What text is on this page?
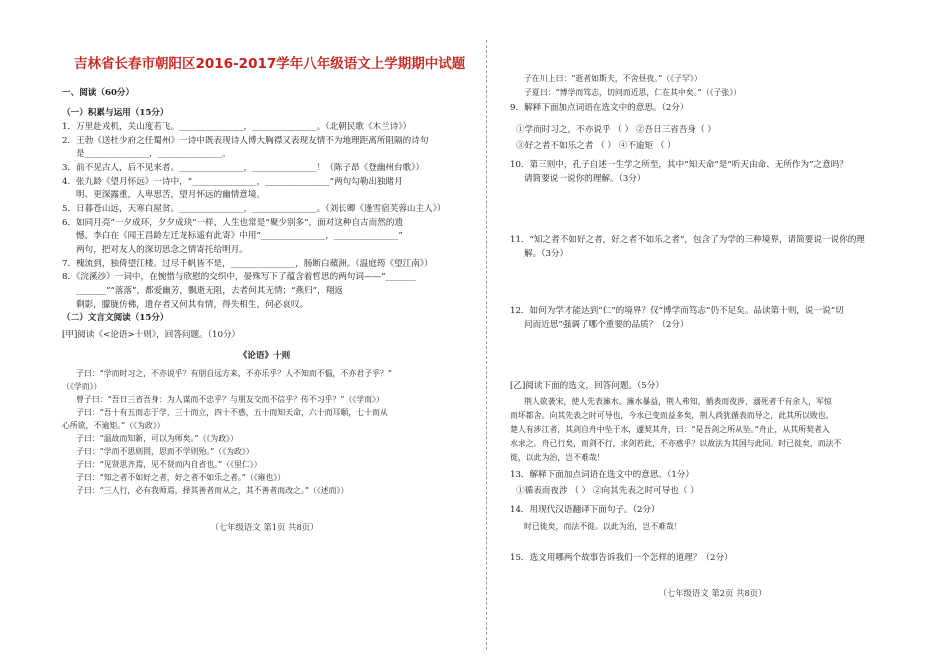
吉林省长春市朝阳区2016-2017学年八年级语文上学期期中试题
一、阅读（60分）
（一）积累与运用（15分）
1．万里赴戎机，关山度若飞。_______________，_______________。（北朝民歌《木兰诗》）
2．王勃《送杜少府之任蜀州》一诗中既表现诗人博大胸襟又表现友情不为地理距离所阻隔的诗句
是_______________，_______________。
3．前不见古人，后不见来者。_______________，_______________！（陈子昂《登幽州台歌》）
4．张九龄《望月怀远》一诗中，“_______________，_______________”两句勾勒出独睹月
明、更深露重，人卑思苦，望月怀远的幽情意境。
5．日暮苍山远，天寒白屋贫。_______________，_______________。（刘长卿《逢雪宿芙蓉山主人》）
6．如同月亮“一夕成环，夕夕成玦”一样，人生也常是“聚少别多”，面对这种自古而然的遗
憾，李白在《闻王昌龄左迁龙标遥有此寄》中用“_______________，_______________”
两句，把对友人的深切思念之情寄托给明月。
7．槐流到，独倚望江楼。过尽千帆皆不是，_______________，肠断白蘋洲。（温庭筠《望江南》）
8．《浣溪沙》一词中，在惋惜与欣慰的交织中，晏殊写下了蕴含着哲思的两句词——“_______
_______”“落落”，都爱幽芳，飘逝无阻，去者何其无情；“燕归”，翔返
剩影，朦胧仿佛，遗存者又何其有情，得失相生，何必哀叹。
（二）文言文阅读（15分）
[甲]阅读《<论语>十则》，回答问题。（10分）
《论语》十则
子曰：“学而时习之，不亦说乎？有朋自远方来，不亦乐乎？人不知而不愠，不亦君子乎？”
（《学而》）
曾子曰：“吾日三省吾身：为人谋而不忠乎？与朋友交而不信乎？传不习乎？”（《学而》）
子曰：“吾十有五而志于学，三十而立，四十不惑，五十而知天命，六十而耳顺，七十而从
心所欲，不逾矩。”（《为政》）
子曰：“温故而知新，可以为师矣。”（《为政》）
子曰：“学而不思则罔，思而不学则殆。”（《为政》）
子曰：“见贤思齐焉，见不贤而内自省也。”（《里仁》）
子曰：“知之者不如好之者，好之者不如乐之者。”（《雍也》）
子曰：“三人行，必有我师焉，择其善者而从之，其不善者而改之。”（《述而》）
（七年级语文 第1页 共8页）
子在川上曰：“逝者如斯夫，不舍昼夜。”（《子罕》）
子夏曰：“博学而笃志，切问而近思，仁在其中矣。”（《子张》）
9．解释下面加点词语在选文中的意思。（2分）
①学而时习之，不亦说乎 （ ） ②吾日三省吾身（ ）
③好之者不如乐之者 （ ） ④不逾矩 （ ）
10．第三则中，孔子自述一生学之所至，其中“知天命”是“听天由命、无所作为”之意吗？
请简要说一说你的理解。（3分）
11．“知之者不如好之者，好之者不如乐之者”，包含了为学的三种境界，请简要说一说你的理
解。（3分）
12．如何为学才能达到“仁”的境界？仅“博学而笃志”仍不足矣。品读第十则，说一说“切
问而近思”强调了哪个重要的品质？（2分）
[乙]阅读下面的选文，回答问题。（5分）
荆人欲袭宋，使人先表澭水。澭水暴益，荆人弗知，循表而夜涉，溺死者千有余人，军惊
而坏都舍。向其先表之时可导也，今水已变而益多矣，荆人尚犹循表而导之，此其所以败也。
楚人有涉江者，其剑自舟中坠于水，遽契其舟，曰：“是吾剑之所从坠。”舟止，从其所契者入
水求之。舟已行矣，而剑不行，求剑若此，不亦惑乎？以故法为其国与此同。时已徙矣，而法不
徙，以此为治，岂不难哉！
13．解释下面加点词语在选文中的意思。（1分）
①循表而夜涉 （ ） ②向其先表之时可导也（ ）
14．用现代汉语翻译下面句子。（2分）
时已徙矣，而法不徙。以此为治，岂不难哉！
15．选文用哪两个故事告诉我们一个怎样的道理？（2分）
（七年级语文 第2页 共8页）
